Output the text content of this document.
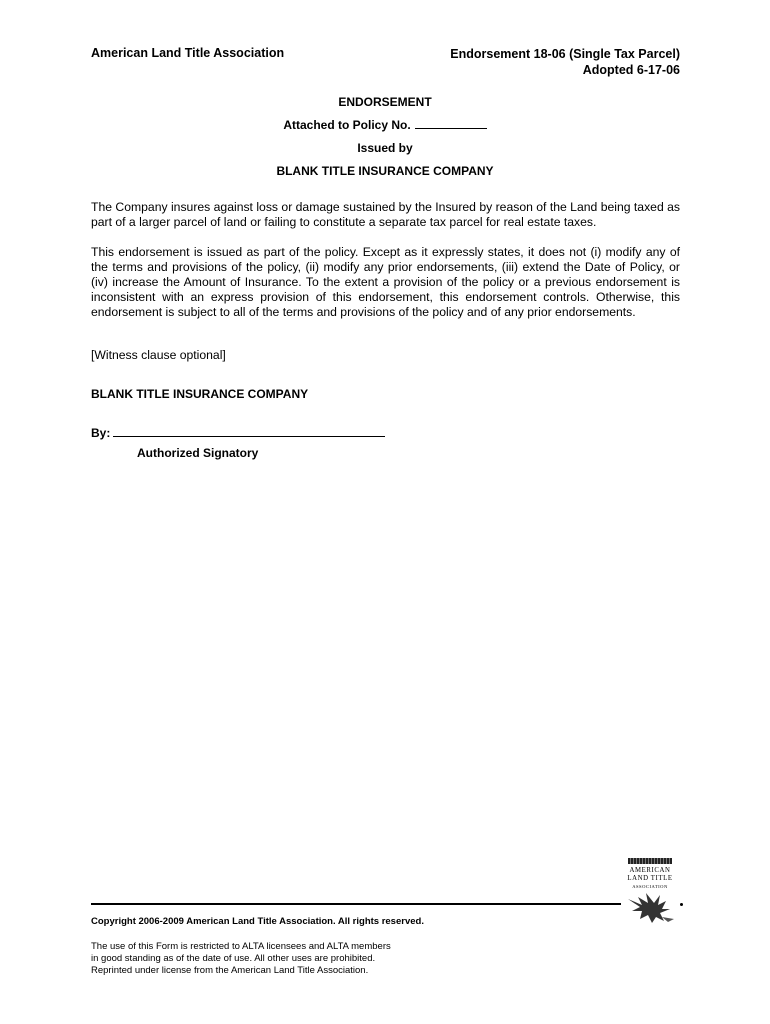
American Land Title Association	Endorsement 18-06 (Single Tax Parcel)
Adopted 6-17-06
ENDORSEMENT
Attached to Policy No.
Issued by
BLANK TITLE INSURANCE COMPANY
The Company insures against loss or damage sustained by the Insured by reason of the Land being taxed as part of a larger parcel of land or failing to constitute a separate tax parcel for real estate taxes.
This endorsement is issued as part of the policy. Except as it expressly states, it does not (i) modify any of the terms and provisions of the policy, (ii) modify any prior endorsements, (iii) extend the Date of Policy, or (iv) increase the Amount of Insurance. To the extent a provision of the policy or a previous endorsement is inconsistent with an express provision of this endorsement, this endorsement controls. Otherwise, this endorsement is subject to all of the terms and provisions of the policy and of any prior endorsements.
[Witness clause optional]
BLANK TITLE INSURANCE COMPANY
By:
Authorized Signatory
AMERICAN
LAND TITLE
ASSOCIATION
Copyright 2006-2009 American Land Title Association. All rights reserved.
The use of this Form is restricted to ALTA licensees and ALTA members
in good standing as of the date of use. All other uses are prohibited.
Reprinted under license from the American Land Title Association.
